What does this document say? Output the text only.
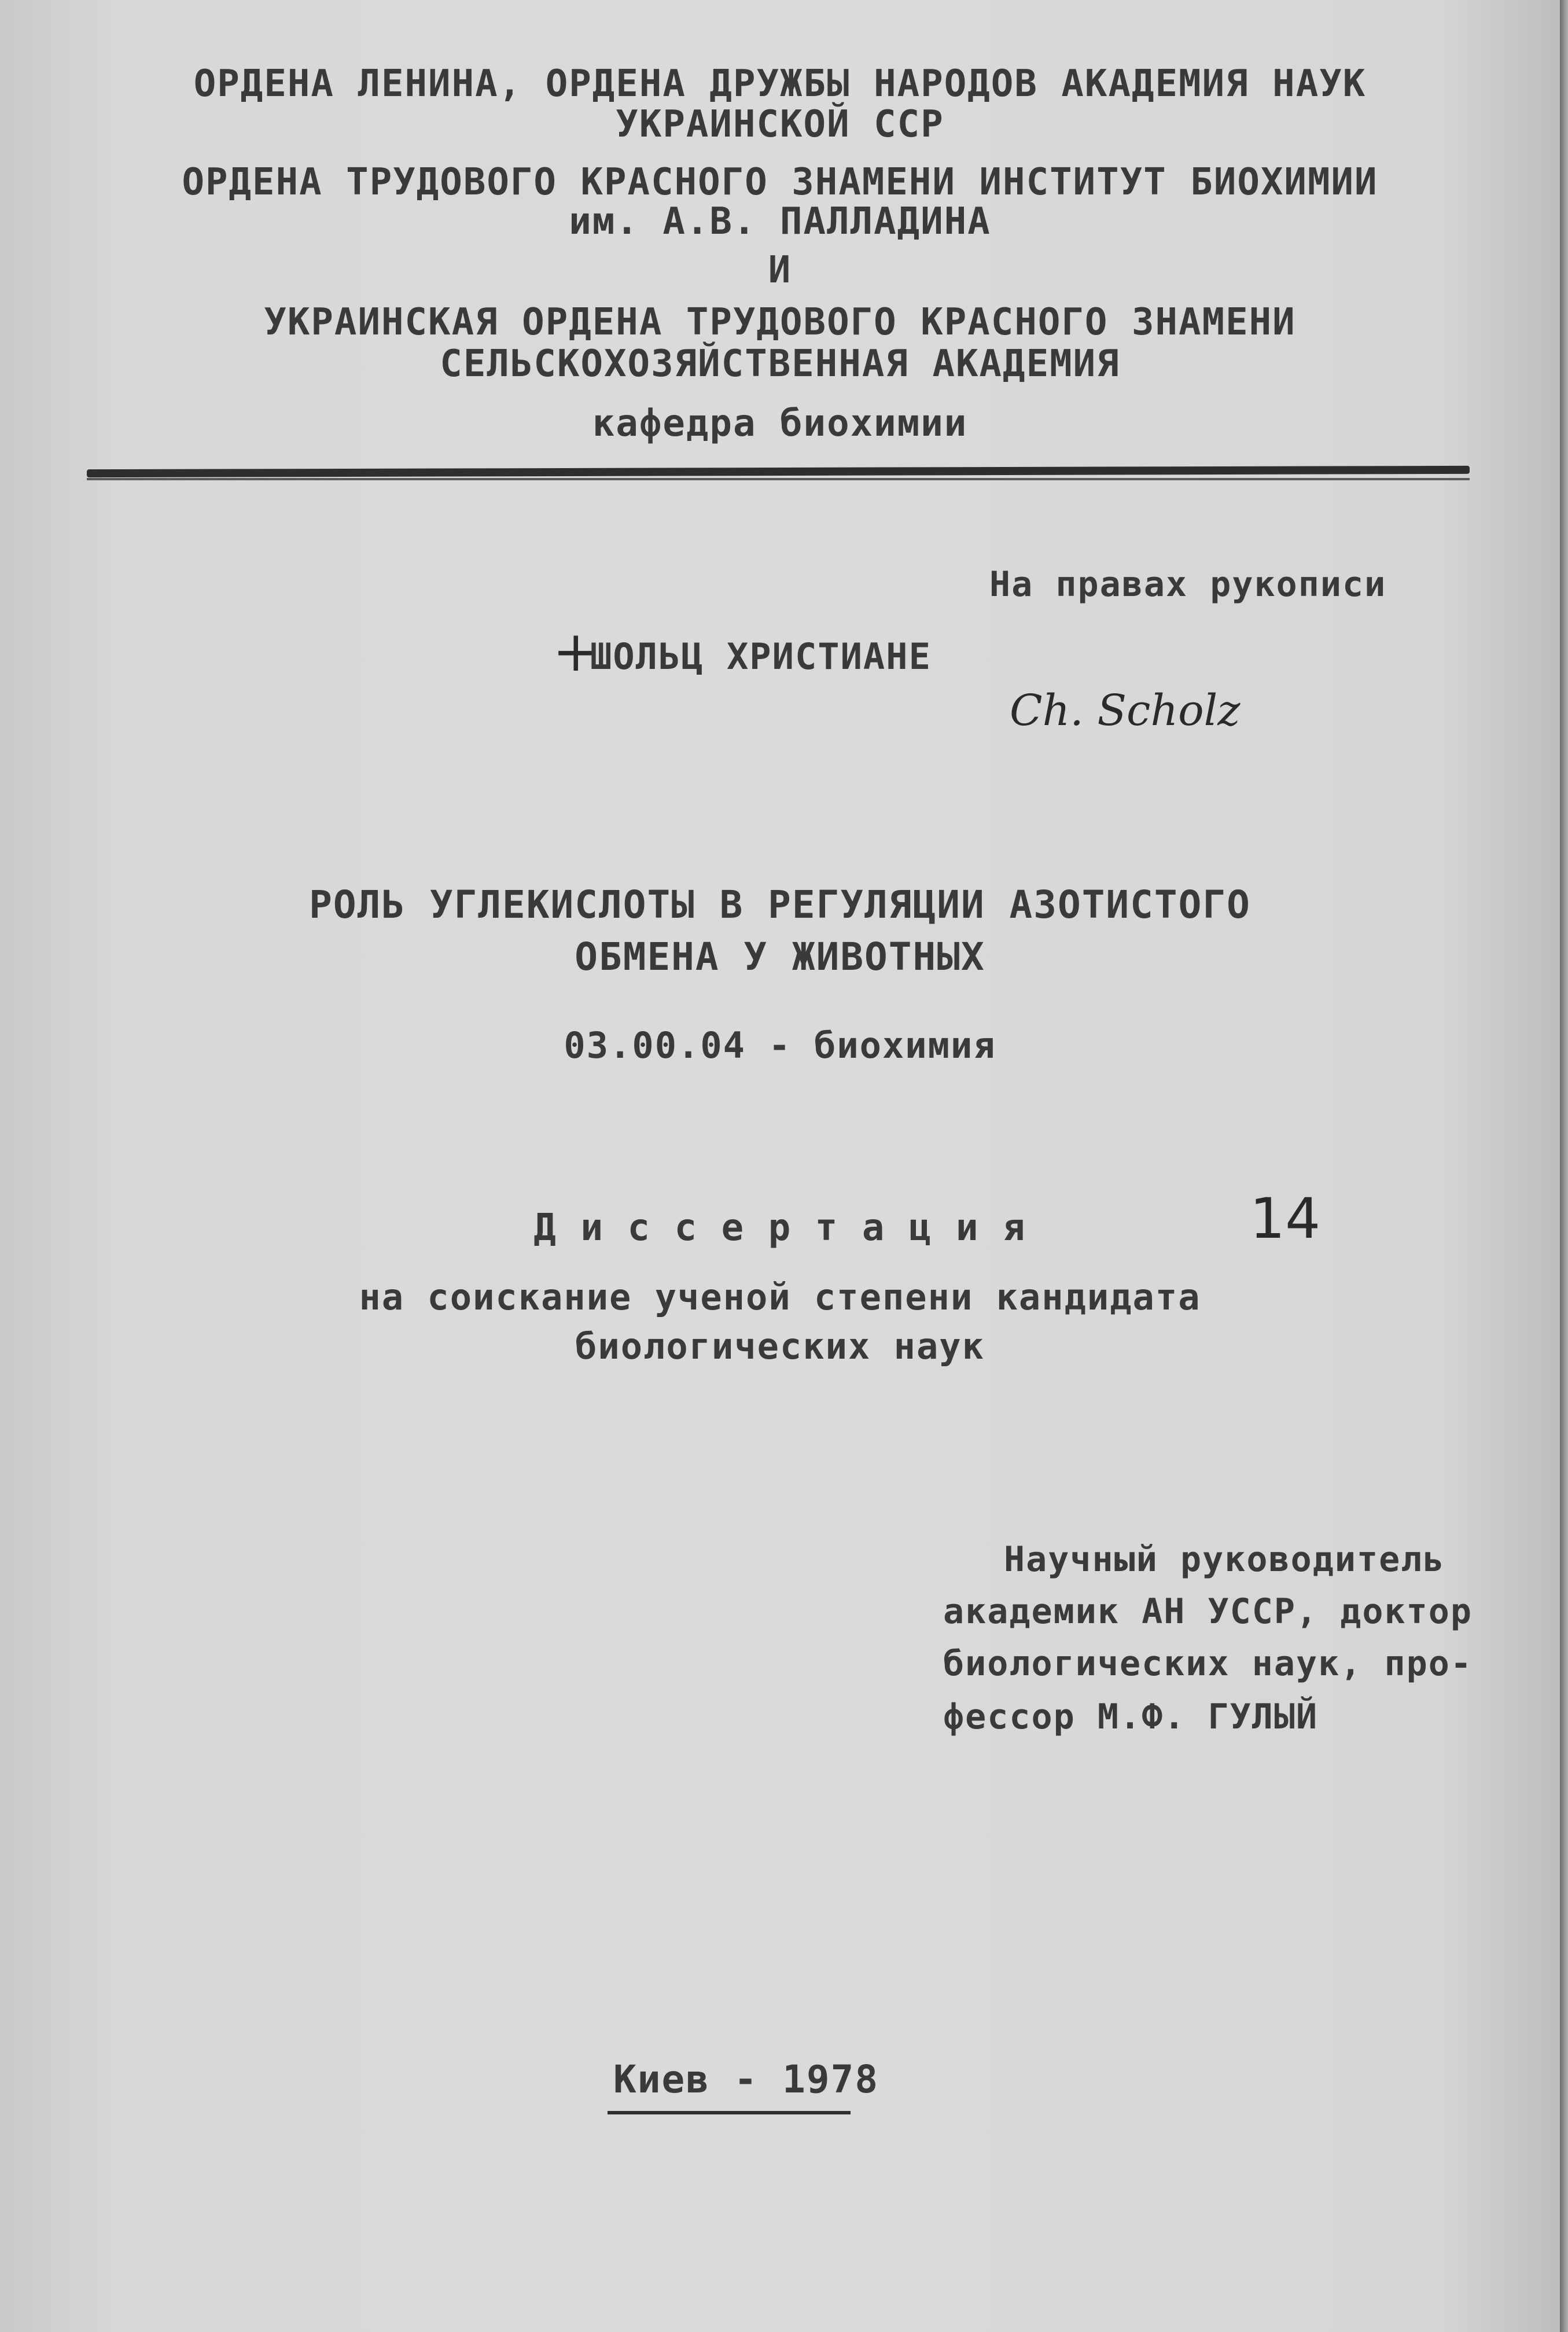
ОРДЕНА ЛЕНИНА, ОРДЕНА ДРУЖБЫ НАРОДОВ АКАДЕМИЯ НАУК
УКРАИНСКОЙ ССР
ОРДЕНА ТРУДОВОГО КРАСНОГО ЗНАМЕНИ ИНСТИТУТ БИОХИМИИ
им. А.В. ПАЛЛАДИНА
И
УКРАИНСКАЯ ОРДЕНА ТРУДОВОГО КРАСНОГО ЗНАМЕНИ
СЕЛЬСКОХОЗЯЙСТВЕННАЯ АКАДЕМИЯ
кафедра биохимии
На правах рукописи
+
ШОЛЬЦ ХРИСТИАНЕ
Ch. Scholz
РОЛЬ УГЛЕКИСЛОТЫ В РЕГУЛЯЦИИ АЗОТИСТОГО
ОБМЕНА У ЖИВОТНЫХ
03.00.04 - биохимия
14
Д и с с е р т а ц и я
на соискание ученой степени кандидата
биологических наук
Научный руководитель
академик АН УССР, доктор
биологических наук, про-
фессор М.Ф. ГУЛЫЙ
Киев - 1978
